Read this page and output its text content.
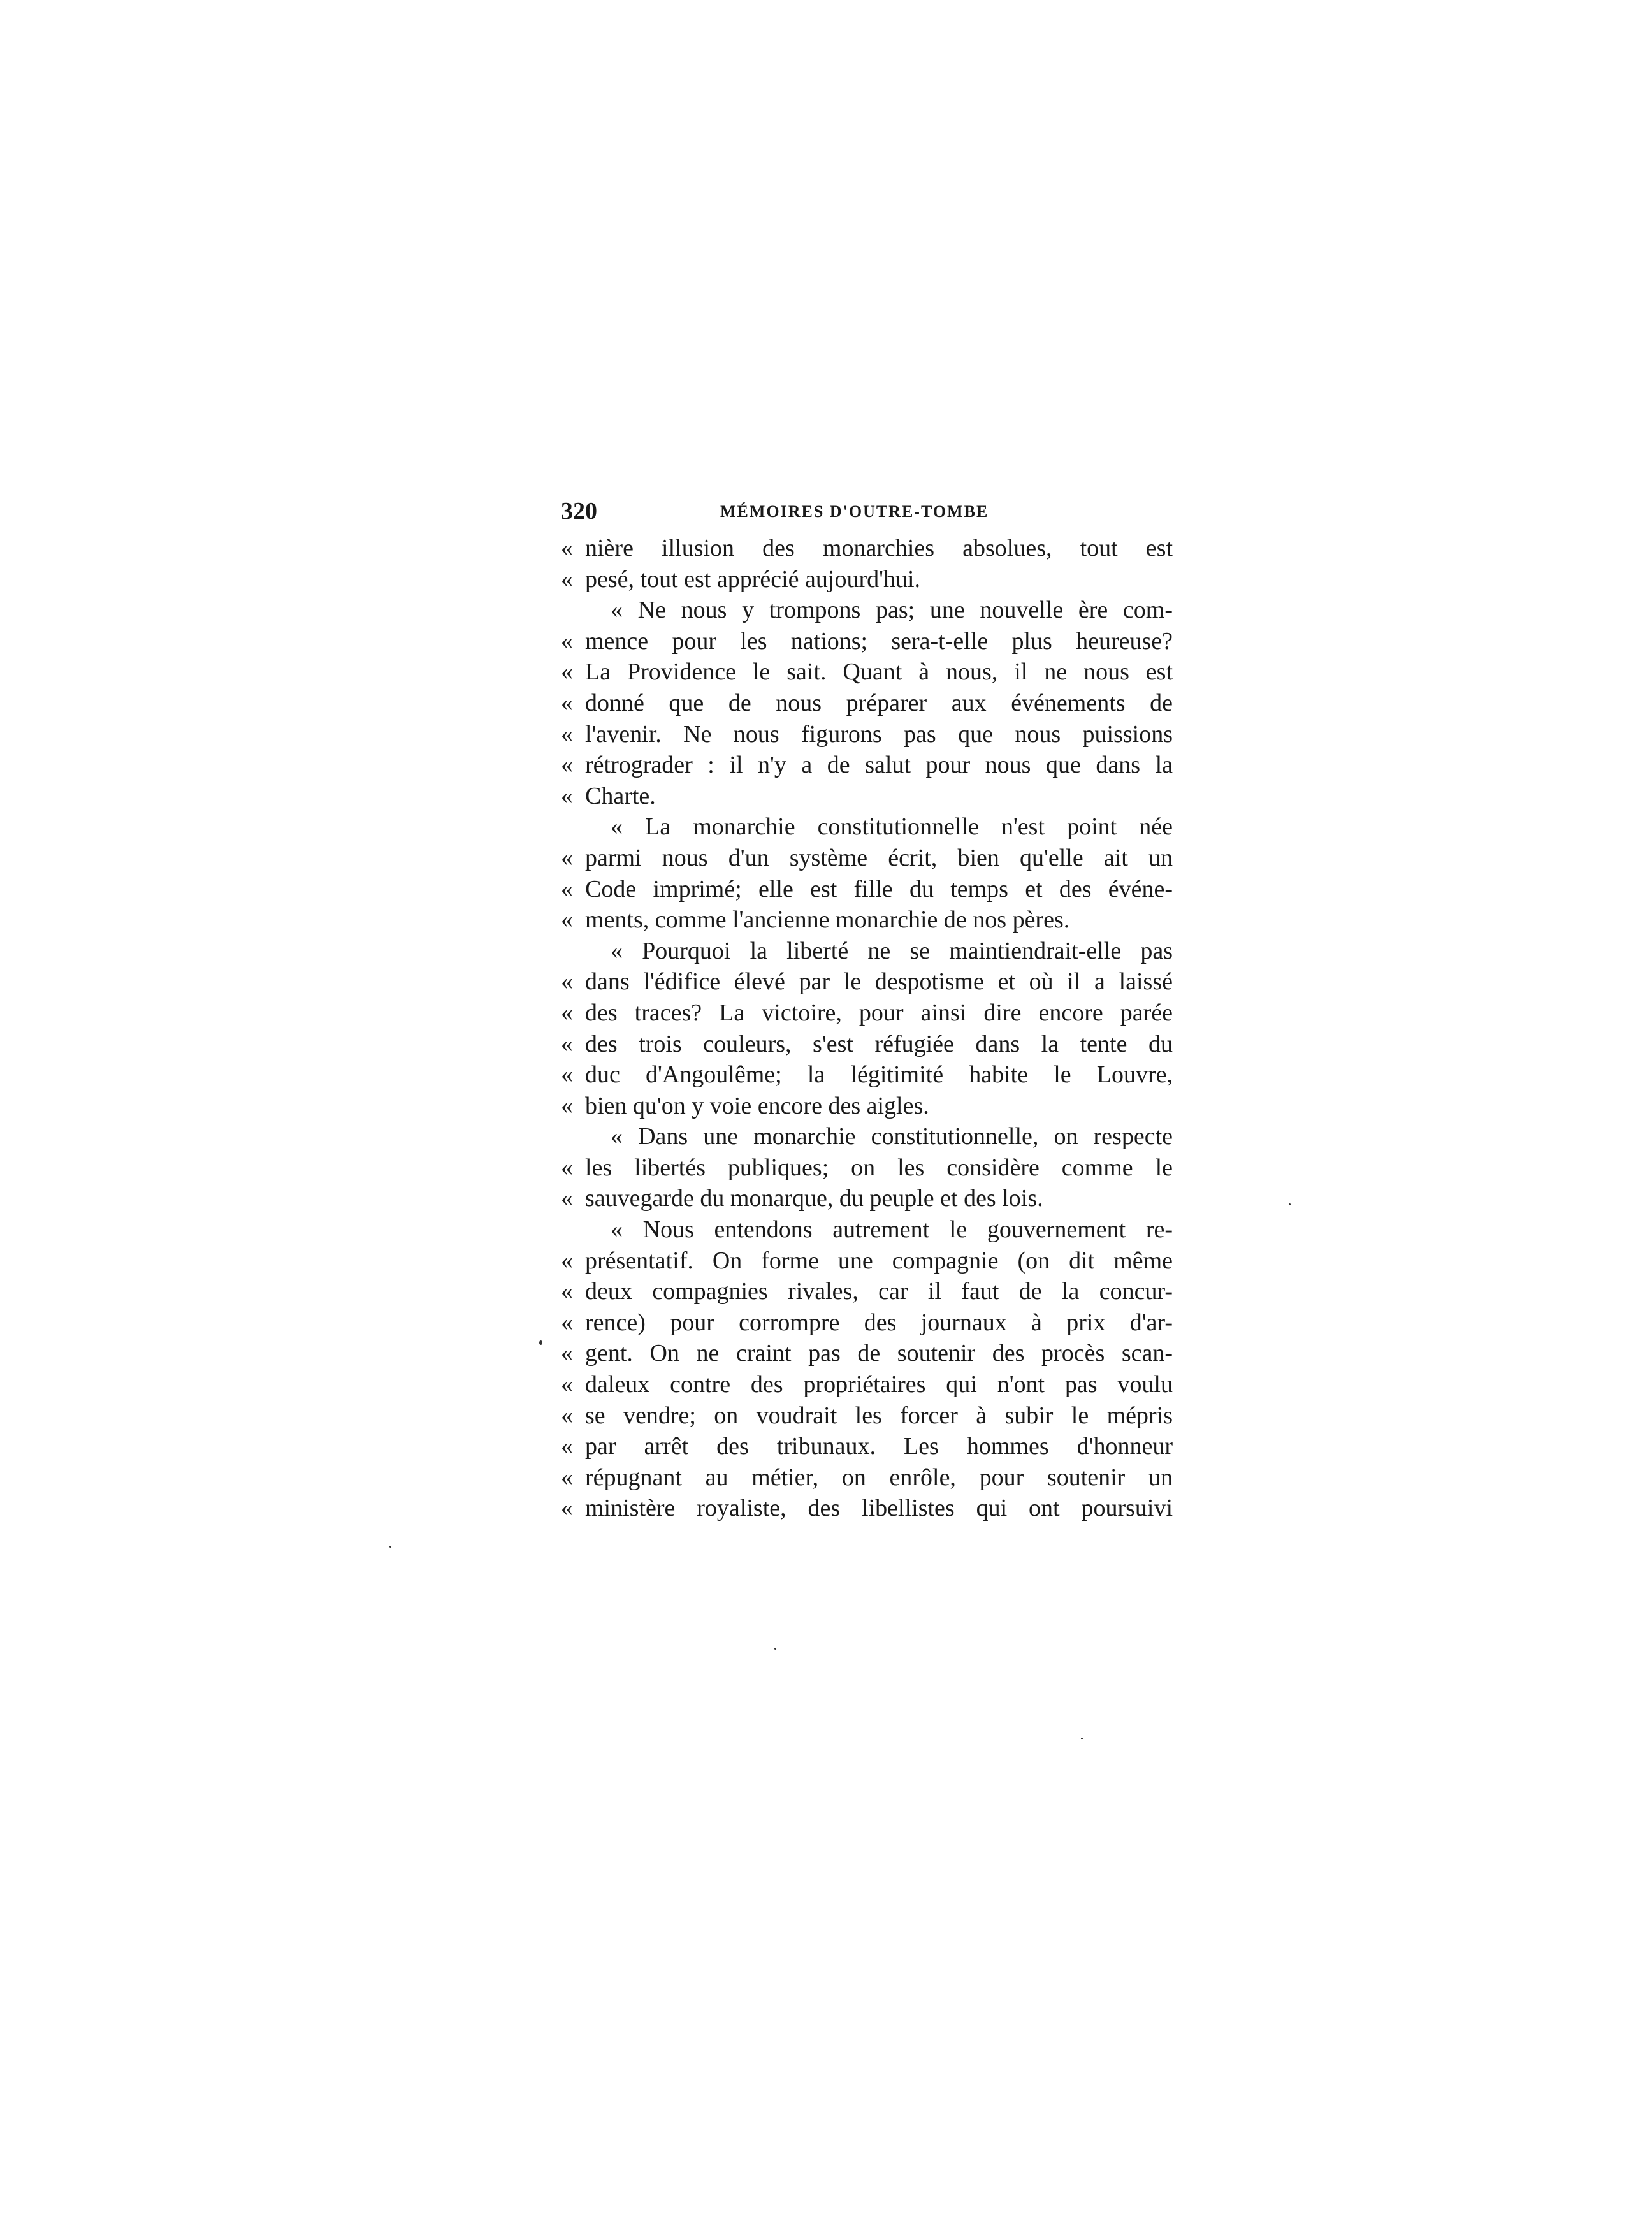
320	MÉMOIRES D'OUTRE-TOMBE
« nière illusion des monarchies absolues, tout est
« pesé, tout est apprécié aujourd'hui.
« Ne nous y trompons pas; une nouvelle ère com-
« mence pour les nations; sera-t-elle plus heureuse?
« La Providence le sait. Quant à nous, il ne nous est
« donné que de nous préparer aux événements de
« l'avenir. Ne nous figurons pas que nous puissions
« rétrograder : il n'y a de salut pour nous que dans la
« Charte.
« La monarchie constitutionnelle n'est point née
« parmi nous d'un système écrit, bien qu'elle ait un
« Code imprimé; elle est fille du temps et des événe-
« ments, comme l'ancienne monarchie de nos pères.
« Pourquoi la liberté ne se maintiendrait-elle pas
« dans l'édifice élevé par le despotisme et où il a laissé
« des traces? La victoire, pour ainsi dire encore parée
« des trois couleurs, s'est réfugiée dans la tente du
« duc d'Angoulême; la légitimité habite le Louvre,
« bien qu'on y voie encore des aigles.
« Dans une monarchie constitutionnelle, on respecte
« les libertés publiques; on les considère comme le
« sauvegarde du monarque, du peuple et des lois.
« Nous entendons autrement le gouvernement re-
« présentatif. On forme une compagnie (on dit même
« deux compagnies rivales, car il faut de la concur-
« rence) pour corrompre des journaux à prix d'ar-
« gent. On ne craint pas de soutenir des procès scan-
« daleux contre des propriétaires qui n'ont pas voulu
« se vendre; on voudrait les forcer à subir le mépris
« par arrêt des tribunaux. Les hommes d'honneur
« répugnant au métier, on enrôle, pour soutenir un
« ministère royaliste, des libellistes qui ont poursuivi
